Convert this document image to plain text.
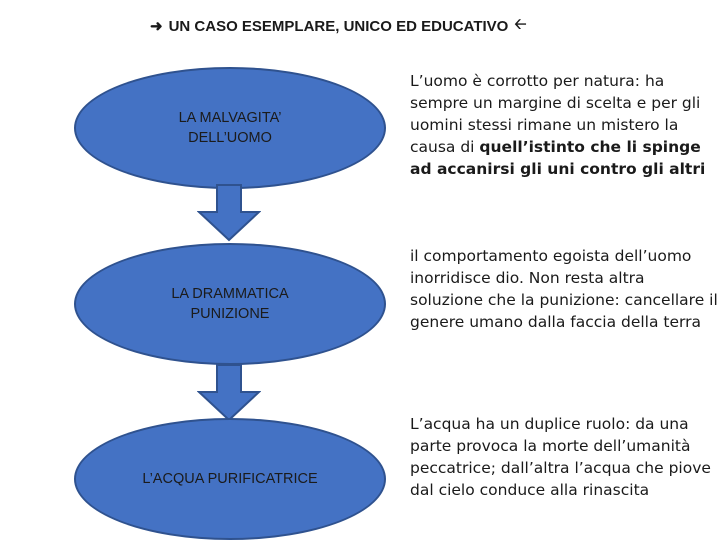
➜ UN CASO ESEMPLARE, UNICO ED EDUCATIVO 🡠
LA MALVAGITA’
DELL’UOMO
L’uomo è corrotto per natura: ha sempre un margine di scelta e per gli uomini stessi rimane un mistero la causa di quell’istinto che li spinge ad accanirsi gli uni contro gli altri
LA DRAMMATICA
PUNIZIONE
il comportamento egoista dell’uomo inorridisce dio. Non resta altra soluzione che la punizione: cancellare il genere umano dalla faccia della terra
L’ACQUA PURIFICATRICE
L’acqua ha un duplice ruolo: da una parte provoca la morte dell’umanità peccatrice; dall’altra l’acqua che piove dal cielo conduce alla rinascita
